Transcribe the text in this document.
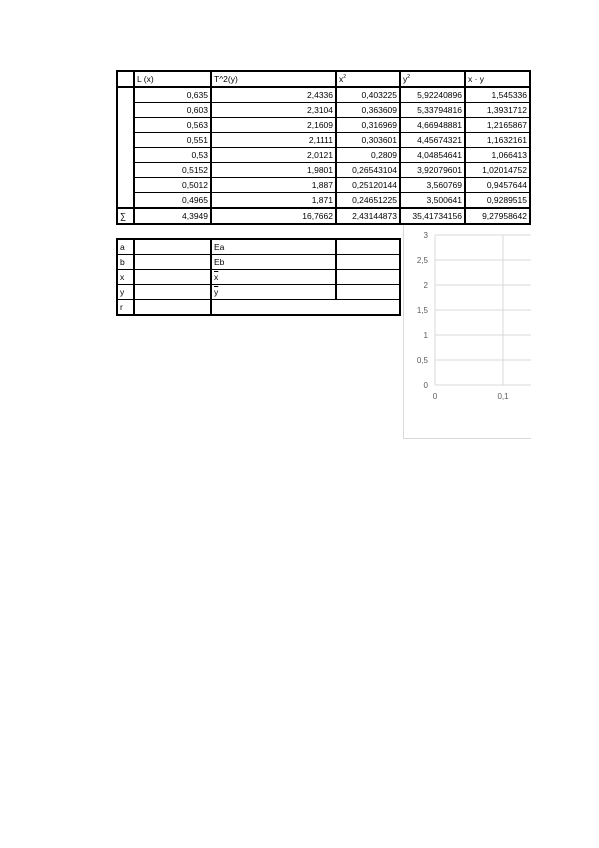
	L (x)	T^2(y)	$x^2$	$y^2$	x · y
	0,635	2,4336	0,403225	5,92240896	1,545336
	0,603	2,3104	0,363609	5,33794816	1,3931712
	0,563	2,1609	0,316969	4,66948881	1,2165867
	0,551	2,1111	0,303601	4,45674321	1,1632161
	0,53	2,0121	0,2809	4,04854641	1,066413
	0,5152	1,9801	0,26543104	3,92079601	1,02014752
	0,5012	1,887	0,25120144	3,560769	0,9457644
	0,4965	1,871	0,24651225	3,500641	0,9289515
∑	4,3949	16,7662	2,43144873	35,41734156	9,27958642
a		Ea	
b		Eb	
x		$\overline{x}$	
y		$\overline{y}$	
r			
0
0,5
1
1,5
2
2,5
3
0	0,1
